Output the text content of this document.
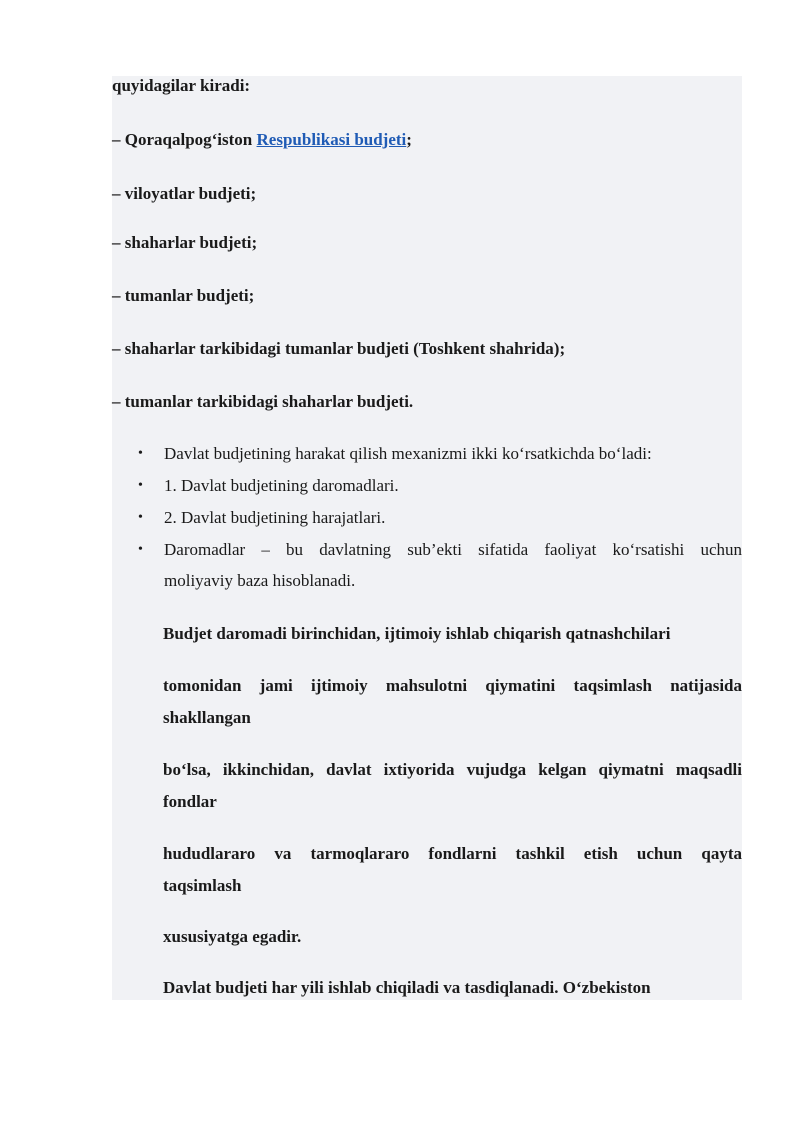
quyidagilar kiradi:

– Qoraqalpog‘iston Respublikasi budjeti;

– viloyatlar budjeti;

– shaharlar budjeti;

– tumanlar budjeti;

– shaharlar tarkibidagi tumanlar budjeti (Toshkent shahrida);

– tumanlar tarkibidagi shaharlar budjeti.

•	Davlat budjetining harakat qilish mexanizmi ikki ko‘rsatkichda bo‘ladi:
•	1. Davlat budjetining daromadlari.
•	2. Davlat budjetining harajatlari.
•	Daromadlar – bu davlatning sub’ekti sifatida faoliyat ko‘rsatishi uchun
moliyaviy baza hisoblanadi.

Budjet daromadi birinchidan, ijtimoiy ishlab chiqarish qatnashchilari

tomonidan jami ijtimoiy mahsulotni qiymatini taqsimlash natijasida

shakllangan

bo‘lsa, ikkinchidan, davlat ixtiyorida vujudga kelgan qiymatni maqsadli

fondlar

hududlararo va tarmoqlararo fondlarni tashkil etish uchun qayta

taqsimlash

xususiyatga egadir.

Davlat budjeti har yili ishlab chiqiladi va tasdiqlanadi. O‘zbekiston
